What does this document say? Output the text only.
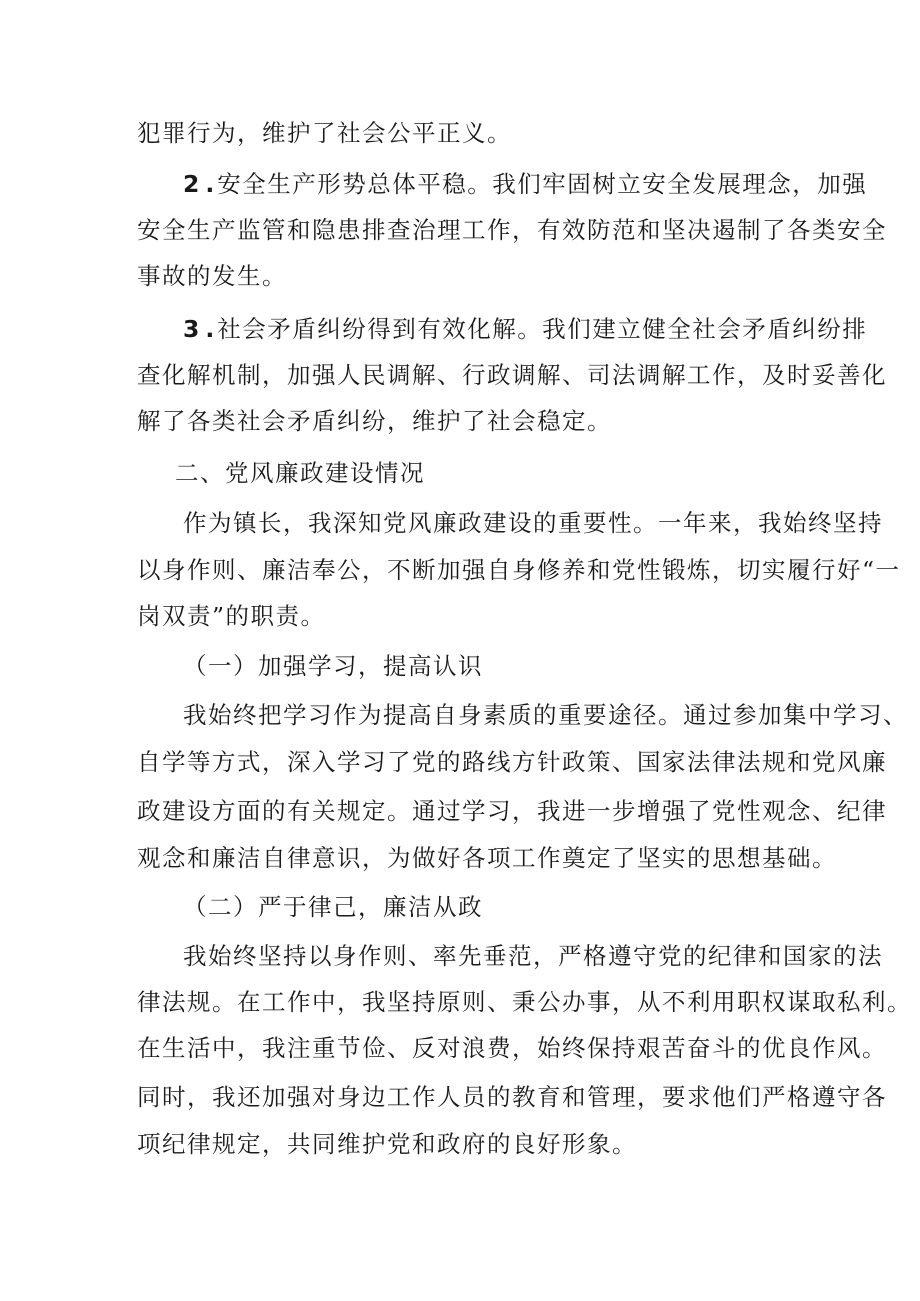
犯罪行为，维护了社会公平正义。
2 . 安全生产形势总体平稳。我们牢固树立安全发展理念，加强
安全生产监管和隐患排查治理工作，有效防范和坚决遏制了各类安全
事故的发生。
3 . 社会矛盾纠纷得到有效化解。我们建立健全社会矛盾纠纷排
查化解机制，加强人民调解、行政调解、司法调解工作，及时妥善化
解了各类社会矛盾纠纷，维护了社会稳定。
二、党风廉政建设情况
作为镇长，我深知党风廉政建设的重要性。一年来，我始终坚持
以身作则、廉洁奉公，不断加强自身修养和党性锻炼，切实履行好“一
岗双责”的职责。
（一）加强学习，提高认识
我始终把学习作为提高自身素质的重要途径。通过参加集中学习、
自学等方式，深入学习了党的路线方针政策、国家法律法规和党风廉
政建设方面的有关规定。通过学习，我进一步增强了党性观念、纪律
观念和廉洁自律意识，为做好各项工作奠定了坚实的思想基础。
（二）严于律己，廉洁从政
我始终坚持以身作则、率先垂范，严格遵守党的纪律和国家的法
律法规。在工作中，我坚持原则、秉公办事，从不利用职权谋取私利。
在生活中，我注重节俭、反对浪费，始终保持艰苦奋斗的优良作风。
同时，我还加强对身边工作人员的教育和管理，要求他们严格遵守各
项纪律规定，共同维护党和政府的良好形象。
